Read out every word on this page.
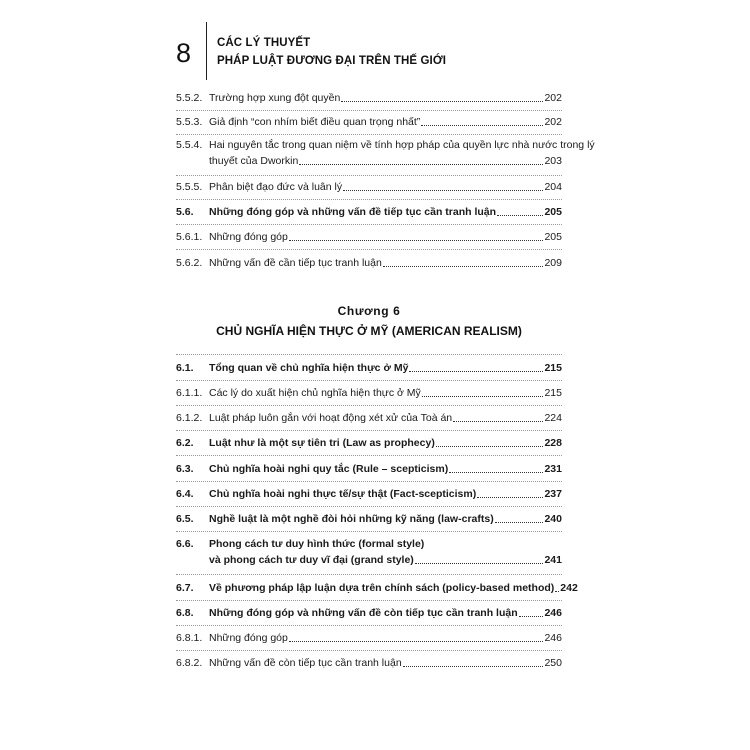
8 CÁC LÝ THUYẾT
PHÁP LUẬT ĐƯƠNG ĐẠI TRÊN THẾ GIỚI
5.5.2. Trường hợp xung đột quyền	202
5.5.3. Giả định “con nhím biết điều quan trọng nhất”	202
5.5.4. Hai nguyên tắc trong quan niệm về tính hợp pháp của quyền lực nhà nước trong lý
thuyết của Dworkin	203
5.5.5. Phân biệt đạo đức và luân lý	204
5.6.	Những đóng góp và những vấn đề tiếp tục cần tranh luận	205
5.6.1. Những đóng góp	205
5.6.2. Những vấn đề cần tiếp tục tranh luận	209
Chương 6
CHỦ NGHĨA HIỆN THỰC Ở MỸ (AMERICAN REALISM)
6.1.	Tổng quan về chủ nghĩa hiện thực ở Mỹ	215
6.1.1. Các lý do xuất hiện chủ nghĩa hiện thực ở Mỹ	215
6.1.2. Luật pháp luôn gắn với hoạt động xét xử của Toà án	224
6.2.	Luật như là một sự tiên tri (Law as prophecy)	228
6.3.	Chủ nghĩa hoài nghi quy tắc (Rule – scepticism)	231
6.4.	Chủ nghĩa hoài nghi thực tế/sự thật (Fact-scepticism)	237
6.5.	Nghề luật là một nghề đòi hỏi những kỹ năng (law-crafts)	240
6.6.	Phong cách tư duy hình thức (formal style)
và phong cách tư duy vĩ đại (grand style)	241
6.7.	Về phương pháp lập luận dựa trên chính sách (policy-based method) 242
6.8.	Những đóng góp và những vấn đề còn tiếp tục cần tranh luận	246
6.8.1. Những đóng góp	246
6.8.2. Những vấn đề còn tiếp tục cần tranh luận	250
